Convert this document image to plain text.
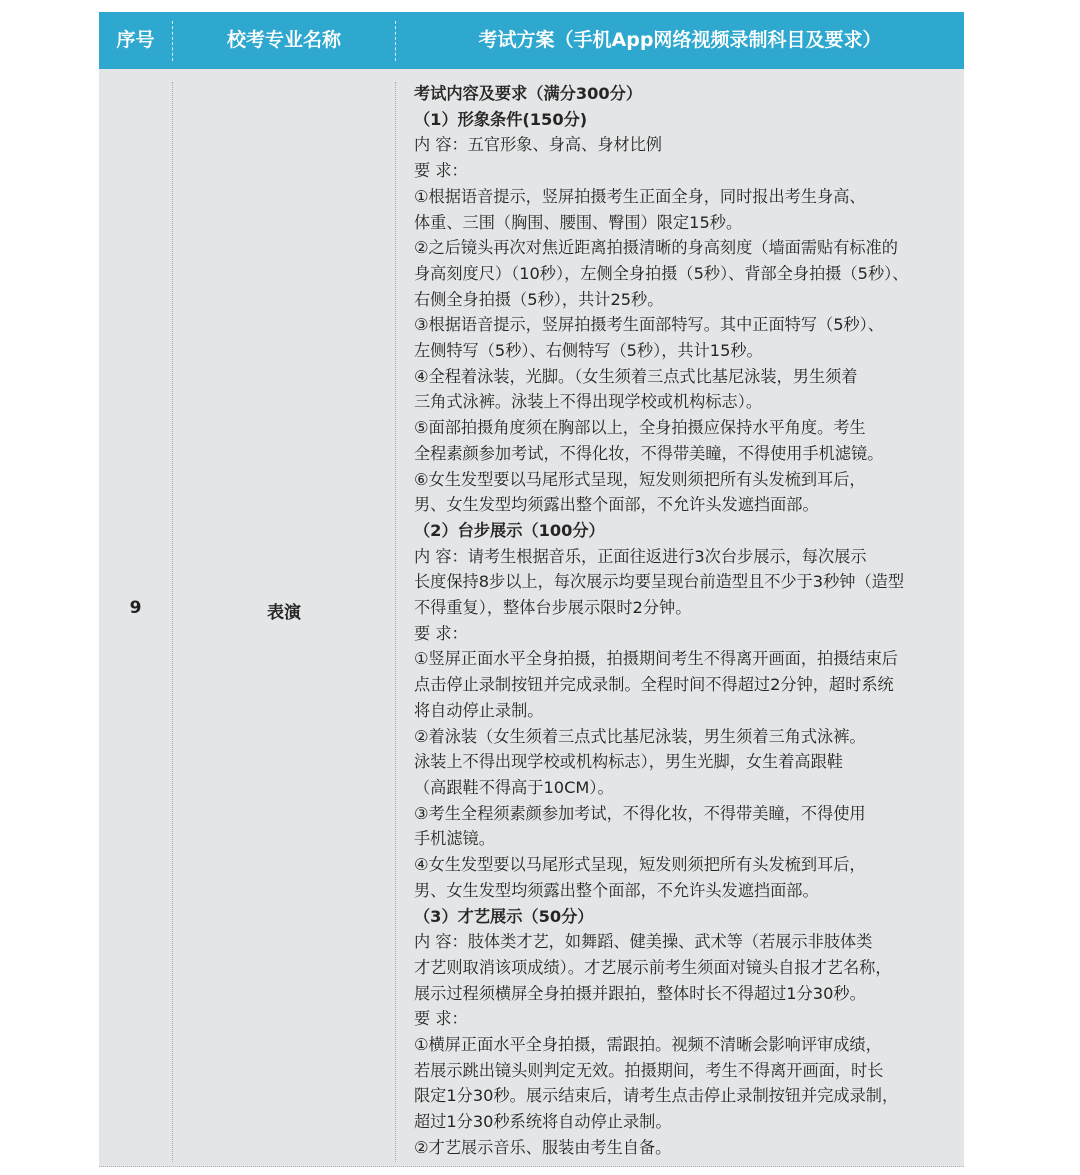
序号	校考专业名称	考试方案（手机App网络视频录制科目及要求）
9	表演
考试内容及要求（满分300分）
（1）形象条件(150分)
内 容：五官形象、身高、身材比例
要 求：
①根据语音提示，竖屏拍摄考生正面全身，同时报出考生身高、
体重、三围（胸围、腰围、臀围）限定15秒。
②之后镜头再次对焦近距离拍摄清晰的身高刻度（墙面需贴有标准的
身高刻度尺）（10秒），左侧全身拍摄（5秒）、背部全身拍摄（5秒）、
右侧全身拍摄（5秒），共计25秒。
③根据语音提示，竖屏拍摄考生面部特写。其中正面特写（5秒）、
左侧特写（5秒）、右侧特写（5秒），共计15秒。
④全程着泳装，光脚。（女生须着三点式比基尼泳装，男生须着
三角式泳裤。泳装上不得出现学校或机构标志）。
⑤面部拍摄角度须在胸部以上，全身拍摄应保持水平角度。考生
全程素颜参加考试，不得化妆，不得带美瞳，不得使用手机滤镜。
⑥女生发型要以马尾形式呈现，短发则须把所有头发梳到耳后，
男、女生发型均须露出整个面部，不允许头发遮挡面部。
（2）台步展示（100分）
内 容：请考生根据音乐，正面往返进行3次台步展示，每次展示
长度保持8步以上，每次展示均要呈现台前造型且不少于3秒钟（造型
不得重复），整体台步展示限时2分钟。
要 求：
①竖屏正面水平全身拍摄，拍摄期间考生不得离开画面，拍摄结束后
点击停止录制按钮并完成录制。全程时间不得超过2分钟，超时系统
将自动停止录制。
②着泳装（女生须着三点式比基尼泳装，男生须着三角式泳裤。
泳装上不得出现学校或机构标志），男生光脚，女生着高跟鞋
（高跟鞋不得高于10CM）。
③考生全程须素颜参加考试，不得化妆，不得带美瞳，不得使用
手机滤镜。
④女生发型要以马尾形式呈现，短发则须把所有头发梳到耳后，
男、女生发型均须露出整个面部，不允许头发遮挡面部。
（3）才艺展示（50分）
内 容：肢体类才艺，如舞蹈、健美操、武术等（若展示非肢体类
才艺则取消该项成绩）。才艺展示前考生须面对镜头自报才艺名称，
展示过程须横屏全身拍摄并跟拍，整体时长不得超过1分30秒。
要 求：
①横屏正面水平全身拍摄，需跟拍。视频不清晰会影响评审成绩，
若展示跳出镜头则判定无效。拍摄期间，考生不得离开画面，时长
限定1分30秒。展示结束后，请考生点击停止录制按钮并完成录制，
超过1分30秒系统将自动停止录制。
②才艺展示音乐、服装由考生自备。
